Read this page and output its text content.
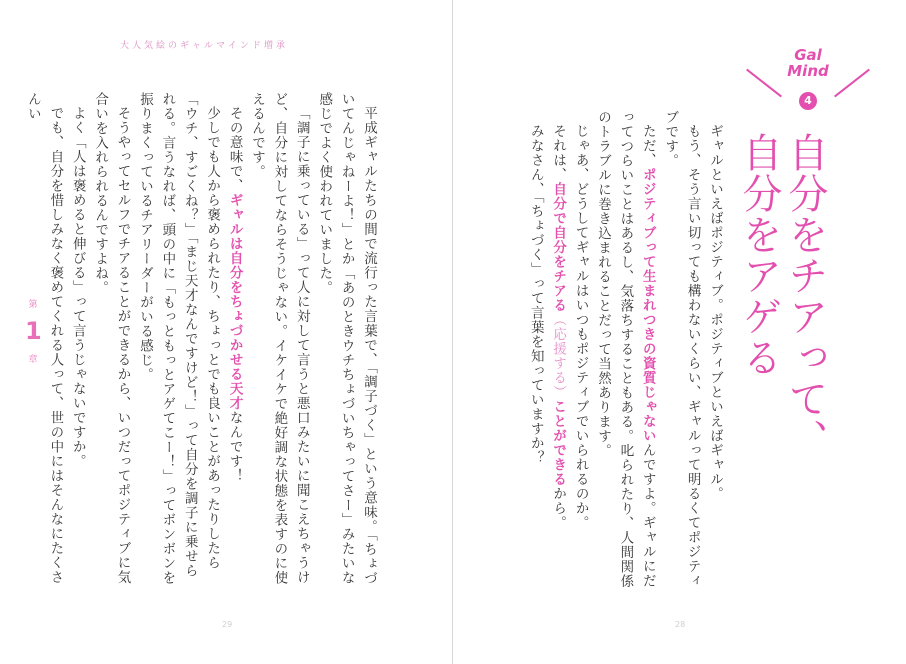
大人気絵のギャルマインド増承
第
1
章	平成ギャルたちの間で流行った言葉で、「調子づく」という意味。「ちょづいてんじゃねーよ！」とか「あのときウチちょづいちゃってさー」みたいな感じでよく使われていました。
「調子に乗っている」って人に対して言うと悪口みたいに聞こえちゃうけど、自分に対してならそうじゃない。イケイケで絶好調な状態を表すのに使えるんです。
その意味で、ギャルは自分をちょづかせる天才なんです！
少しでも人から褒められたり、ちょっとでも良いことがあったりしたら「ウチ、すごくね？」「まじ天才なんですけど！」って自分を調子に乗せられる。言うなれば、頭の中に「もっともっとアゲてこー！」ってボンボンを振りまくっているチアリーダーがいる感じ。
そうやってセルフでチアることができるから、いつだってポジティブに気合いを入れられるんですよね。
よく「人は褒めると伸びる」って言うじゃないですか。
でも、自分を惜しみなく褒めてくれる人って、世の中にはそんなにたくさんい
29
Gal
Mind
4
自分をチアって、
自分をアゲる
ギャルといえばポジティブ。ポジティブといえばギャル。
もう、そう言い切っても構わないくらい、ギャルって明るくてポジティブです。
ただ、ポジティブって生まれつきの資質じゃないんですよ。ギャルにだってつらいことはあるし、気落ちすることもある。叱られたり、人間関係のトラブルに巻き込まれることだって当然あります。
じゃあ、どうしてギャルはいつもポジティブでいられるのか。
それは、自分で自分をチアる（応援する）ことができるから。
みなさん、「ちょづく」って言葉を知っていますか？
28
